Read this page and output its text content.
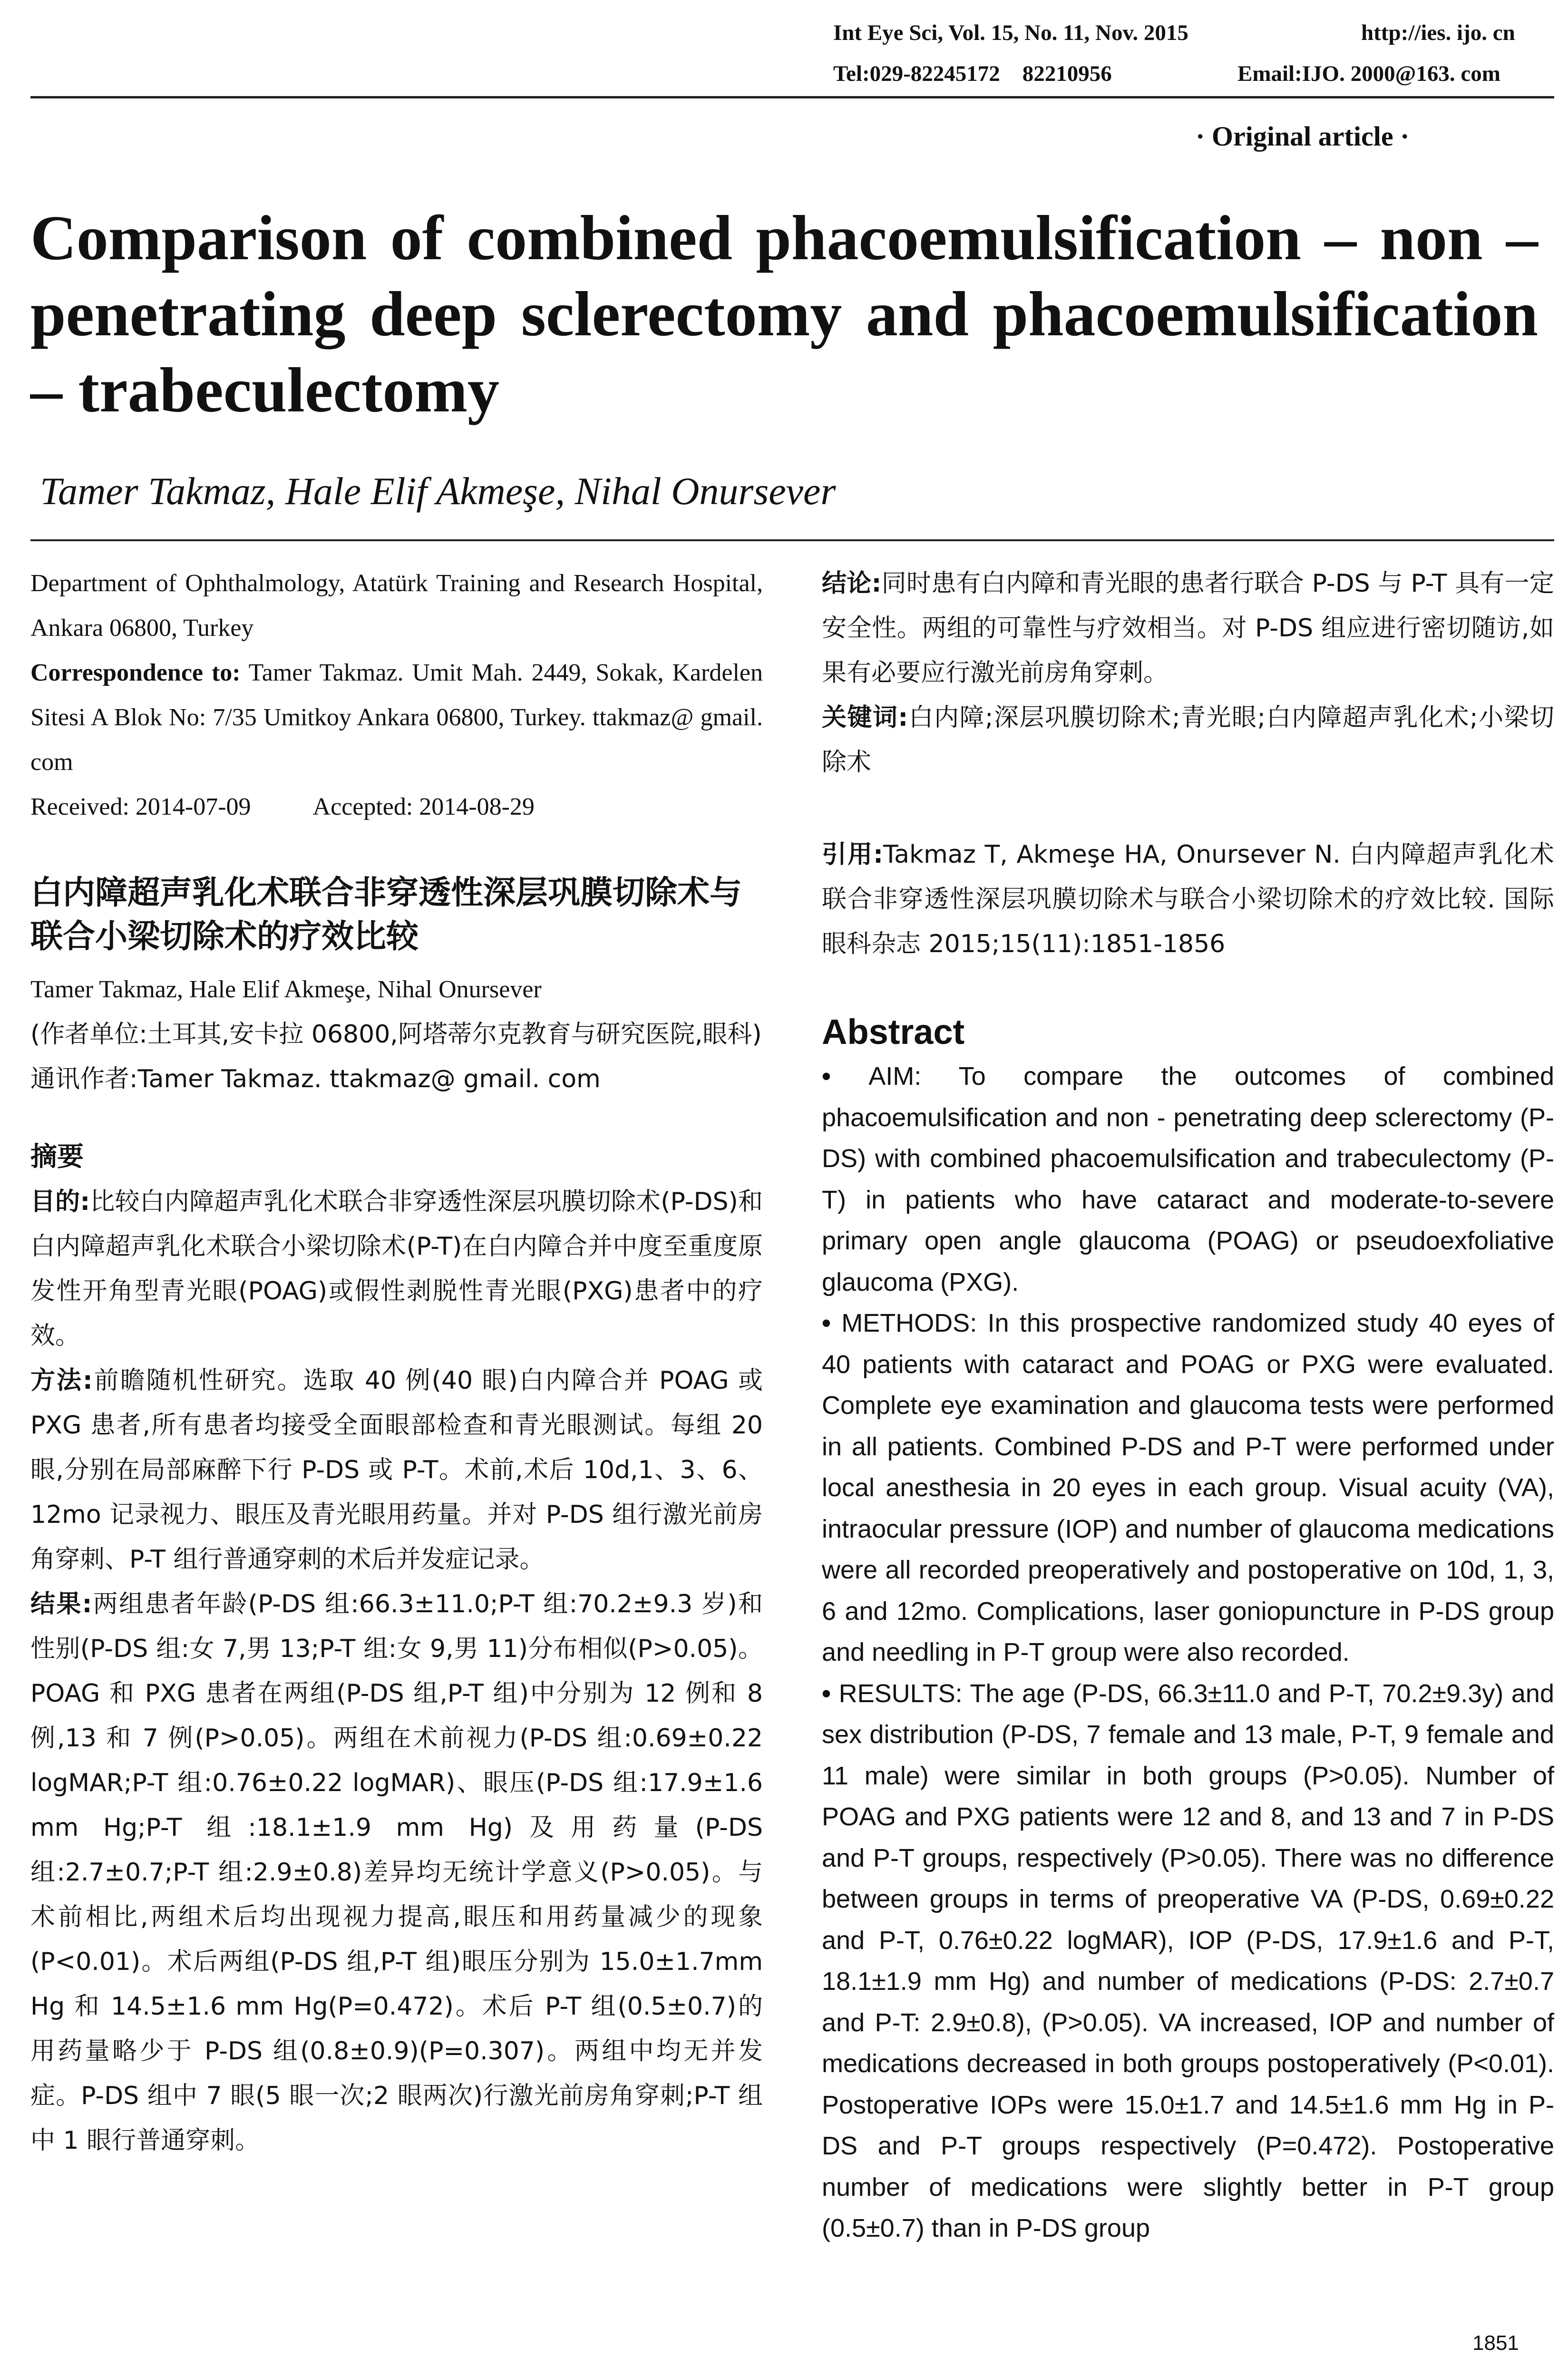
Int Eye Sci, Vol. 15, No. 11, Nov. 2015	http://ies. ijo. cn
Tel:029-82245172    82210956	Email:IJO. 2000@163. com
· Original article ·
Comparison of combined phacoemulsification – non – penetrating deep sclerectomy and phacoemulsification – trabeculectomy
Tamer Takmaz, Hale Elif Akmeşe, Nihal Onursever

Department of Ophthalmology, Atatürk Training and Research Hospital, Ankara 06800, Turkey

Correspondence to: Tamer Takmaz. Umit Mah. 2449, Sokak, Kardelen Sitesi A Blok No: 7/35 Umitkoy Ankara 06800, Turkey. ttakmaz@ gmail. com

Received: 2014-07-09	Accepted: 2014-08-29

白内障超声乳化术联合非穿透性深层巩膜切除术与联合小梁切除术的疗效比较

Tamer Takmaz, Hale Elif Akmeşe, Nihal Onursever

(作者单位:土耳其,安卡拉 06800,阿塔蒂尔克教育与研究医院,眼科)

通讯作者:Tamer Takmaz. ttakmaz@ gmail. com

摘要

目的:比较白内障超声乳化术联合非穿透性深层巩膜切除术(P-DS)和白内障超声乳化术联合小梁切除术(P-T)在白内障合并中度至重度原发性开角型青光眼(POAG)或假性剥脱性青光眼(PXG)患者中的疗效。

方法:前瞻随机性研究。选取 40 例(40 眼)白内障合并 POAG 或 PXG 患者,所有患者均接受全面眼部检查和青光眼测试。每组 20 眼,分别在局部麻醉下行 P-DS 或 P-T。术前,术后 10d,1、3、6、12mo 记录视力、眼压及青光眼用药量。并对 P-DS 组行激光前房角穿刺、P-T 组行普通穿刺的术后并发症记录。

结果:两组患者年龄(P-DS 组:66.3±11.0;P-T 组:70.2±9.3 岁)和性别(P-DS 组:女 7,男 13;P-T 组:女 9,男 11)分布相似(P>0.05)。POAG 和 PXG 患者在两组(P-DS 组,P-T 组)中分别为 12 例和 8 例,13 和 7 例(P>0.05)。两组在术前视力(P-DS 组:0.69±0.22 logMAR;P-T 组:0.76±0.22 logMAR)、眼压(P-DS 组:17.9±1.6 mm Hg;P-T 组:18.1±1.9 mm Hg)及用药量(P-DS 组:2.7±0.7;P-T 组:2.9±0.8)差异均无统计学意义(P>0.05)。与术前相比,两组术后均出现视力提高,眼压和用药量减少的现象(P<0.01)。术后两组(P-DS 组,P-T 组)眼压分别为 15.0±1.7mm Hg 和 14.5±1.6 mm Hg(P=0.472)。术后 P-T 组(0.5±0.7)的用药量略少于 P-DS 组(0.8±0.9)(P=0.307)。两组中均无并发症。P-DS 组中 7 眼(5 眼一次;2 眼两次)行激光前房角穿刺;P-T 组中 1 眼行普通穿刺。

结论:同时患有白内障和青光眼的患者行联合 P-DS 与 P-T 具有一定安全性。两组的可靠性与疗效相当。对 P-DS 组应进行密切随访,如果有必要应行激光前房角穿刺。

关键词:白内障;深层巩膜切除术;青光眼;白内障超声乳化术;小梁切除术

引用:Takmaz T, Akmeşe HA, Onursever N. 白内障超声乳化术联合非穿透性深层巩膜切除术与联合小梁切除术的疗效比较. 国际眼科杂志 2015;15(11):1851-1856

Abstract

• AIM: To compare the outcomes of combined phacoemulsification and non - penetrating deep sclerectomy (P-DS) with combined phacoemulsification and trabeculectomy (P-T) in patients who have cataract and moderate-to-severe primary open angle glaucoma (POAG) or pseudoexfoliative glaucoma (PXG).

• METHODS: In this prospective randomized study 40 eyes of 40 patients with cataract and POAG or PXG were evaluated. Complete eye examination and glaucoma tests were performed in all patients. Combined P-DS and P-T were performed under local anesthesia in 20 eyes in each group. Visual acuity (VA), intraocular pressure (IOP) and number of glaucoma medications were all recorded preoperatively and postoperative on 10d, 1, 3, 6 and 12mo. Complications, laser goniopuncture in P-DS group and needling in P-T group were also recorded.

• RESULTS: The age (P-DS, 66.3±11.0 and P-T, 70.2±9.3y) and sex distribution (P-DS, 7 female and 13 male, P-T, 9 female and 11 male) were similar in both groups (P>0.05). Number of POAG and PXG patients were 12 and 8, and 13 and 7 in P-DS and P-T groups, respectively (P>0.05). There was no difference between groups in terms of preoperative VA (P-DS, 0.69±0.22 and P-T, 0.76±0.22 logMAR), IOP (P-DS, 17.9±1.6 and P-T, 18.1±1.9 mm Hg) and number of medications (P-DS: 2.7±0.7 and P-T: 2.9±0.8), (P>0.05). VA increased, IOP and number of medications decreased in both groups postoperatively (P<0.01). Postoperative IOPs were 15.0±1.7 and 14.5±1.6 mm Hg in P-DS and P-T groups respectively (P=0.472). Postoperative number of medications were slightly better in P-T group (0.5±0.7) than in P-DS group

1851
